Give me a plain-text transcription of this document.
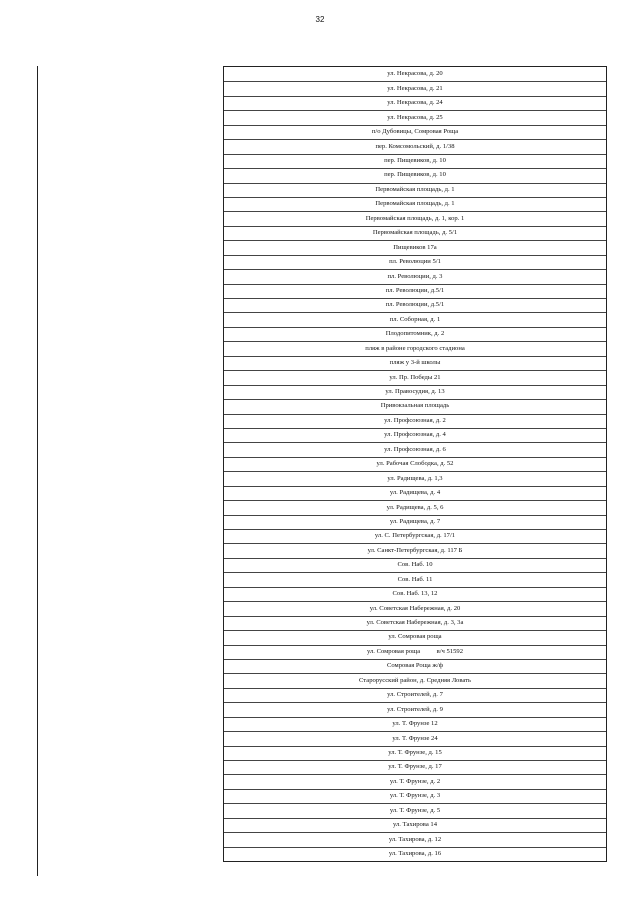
32
ул. Некрасова, д. 20
ул. Некрасова, д. 21
ул. Некрасова, д. 24
ул. Некрасова, д. 25
п/о Дубовицы, Сомровая Роща
пер. Комсомольский, д. 1/38
пер. Пищевиков, д. 10
пер. Пищевиков, д. 10
Первомайская площадь, д. 1
Первомайская площадь, д. 1
Первомайская площадь, д. 1, кор. 1
Первомайская площадь, д. 5/1
Пищевиков 17а
пл. Революции 5/1
пл. Революции, д. 3
пл. Революции, д.5/1
пл. Революции, д.5/1
пл. Соборная, д. 1
Плодопитомник, д. 2
пляж в районе городского стадиона
пляж у 3-й школы
ул. Пр. Победы 21
ул. Правосудия, д. 13
Привокзальная площадь
ул. Профсоюзная, д. 2
ул. Профсоюзная, д. 4
ул. Профсоюзная, д. 6
ул. Рабочая Слободка, д. 52
ул. Радищева, д. 1,3
ул. Радищева, д. 4
ул. Радищева, д. 5, 6
ул. Радищева, д. 7
ул. С. Петербургская, д. 17/1
ул. Санкт-Петербургская, д. 117 Б
Сов. Наб. 10
Сов. Наб. 11
Сов. Наб. 13, 12
ул. Советская Набережная, д. 20
ул. Советская Набережная, д. 3, 3а
ул. Сомровая роща
ул. Сомровая роща          в/ч 51592
Сомровая Роща ж/ф
Старорусский район, д. Средняя Ловать
ул. Строителей, д. 7
ул. Строителей, д. 9
ул. Т. Фрунзе 12
ул. Т. Фрунзе 24
ул. Т. Фрунзе, д. 15
ул. Т. Фрунзе, д. 17
ул. Т. Фрунзе, д. 2
ул. Т. Фрунзе, д. 3
ул. Т. Фрунзе, д. 5
ул. Тахирова 14
ул. Тахирова, д. 12
ул. Тахирова, д. 16
